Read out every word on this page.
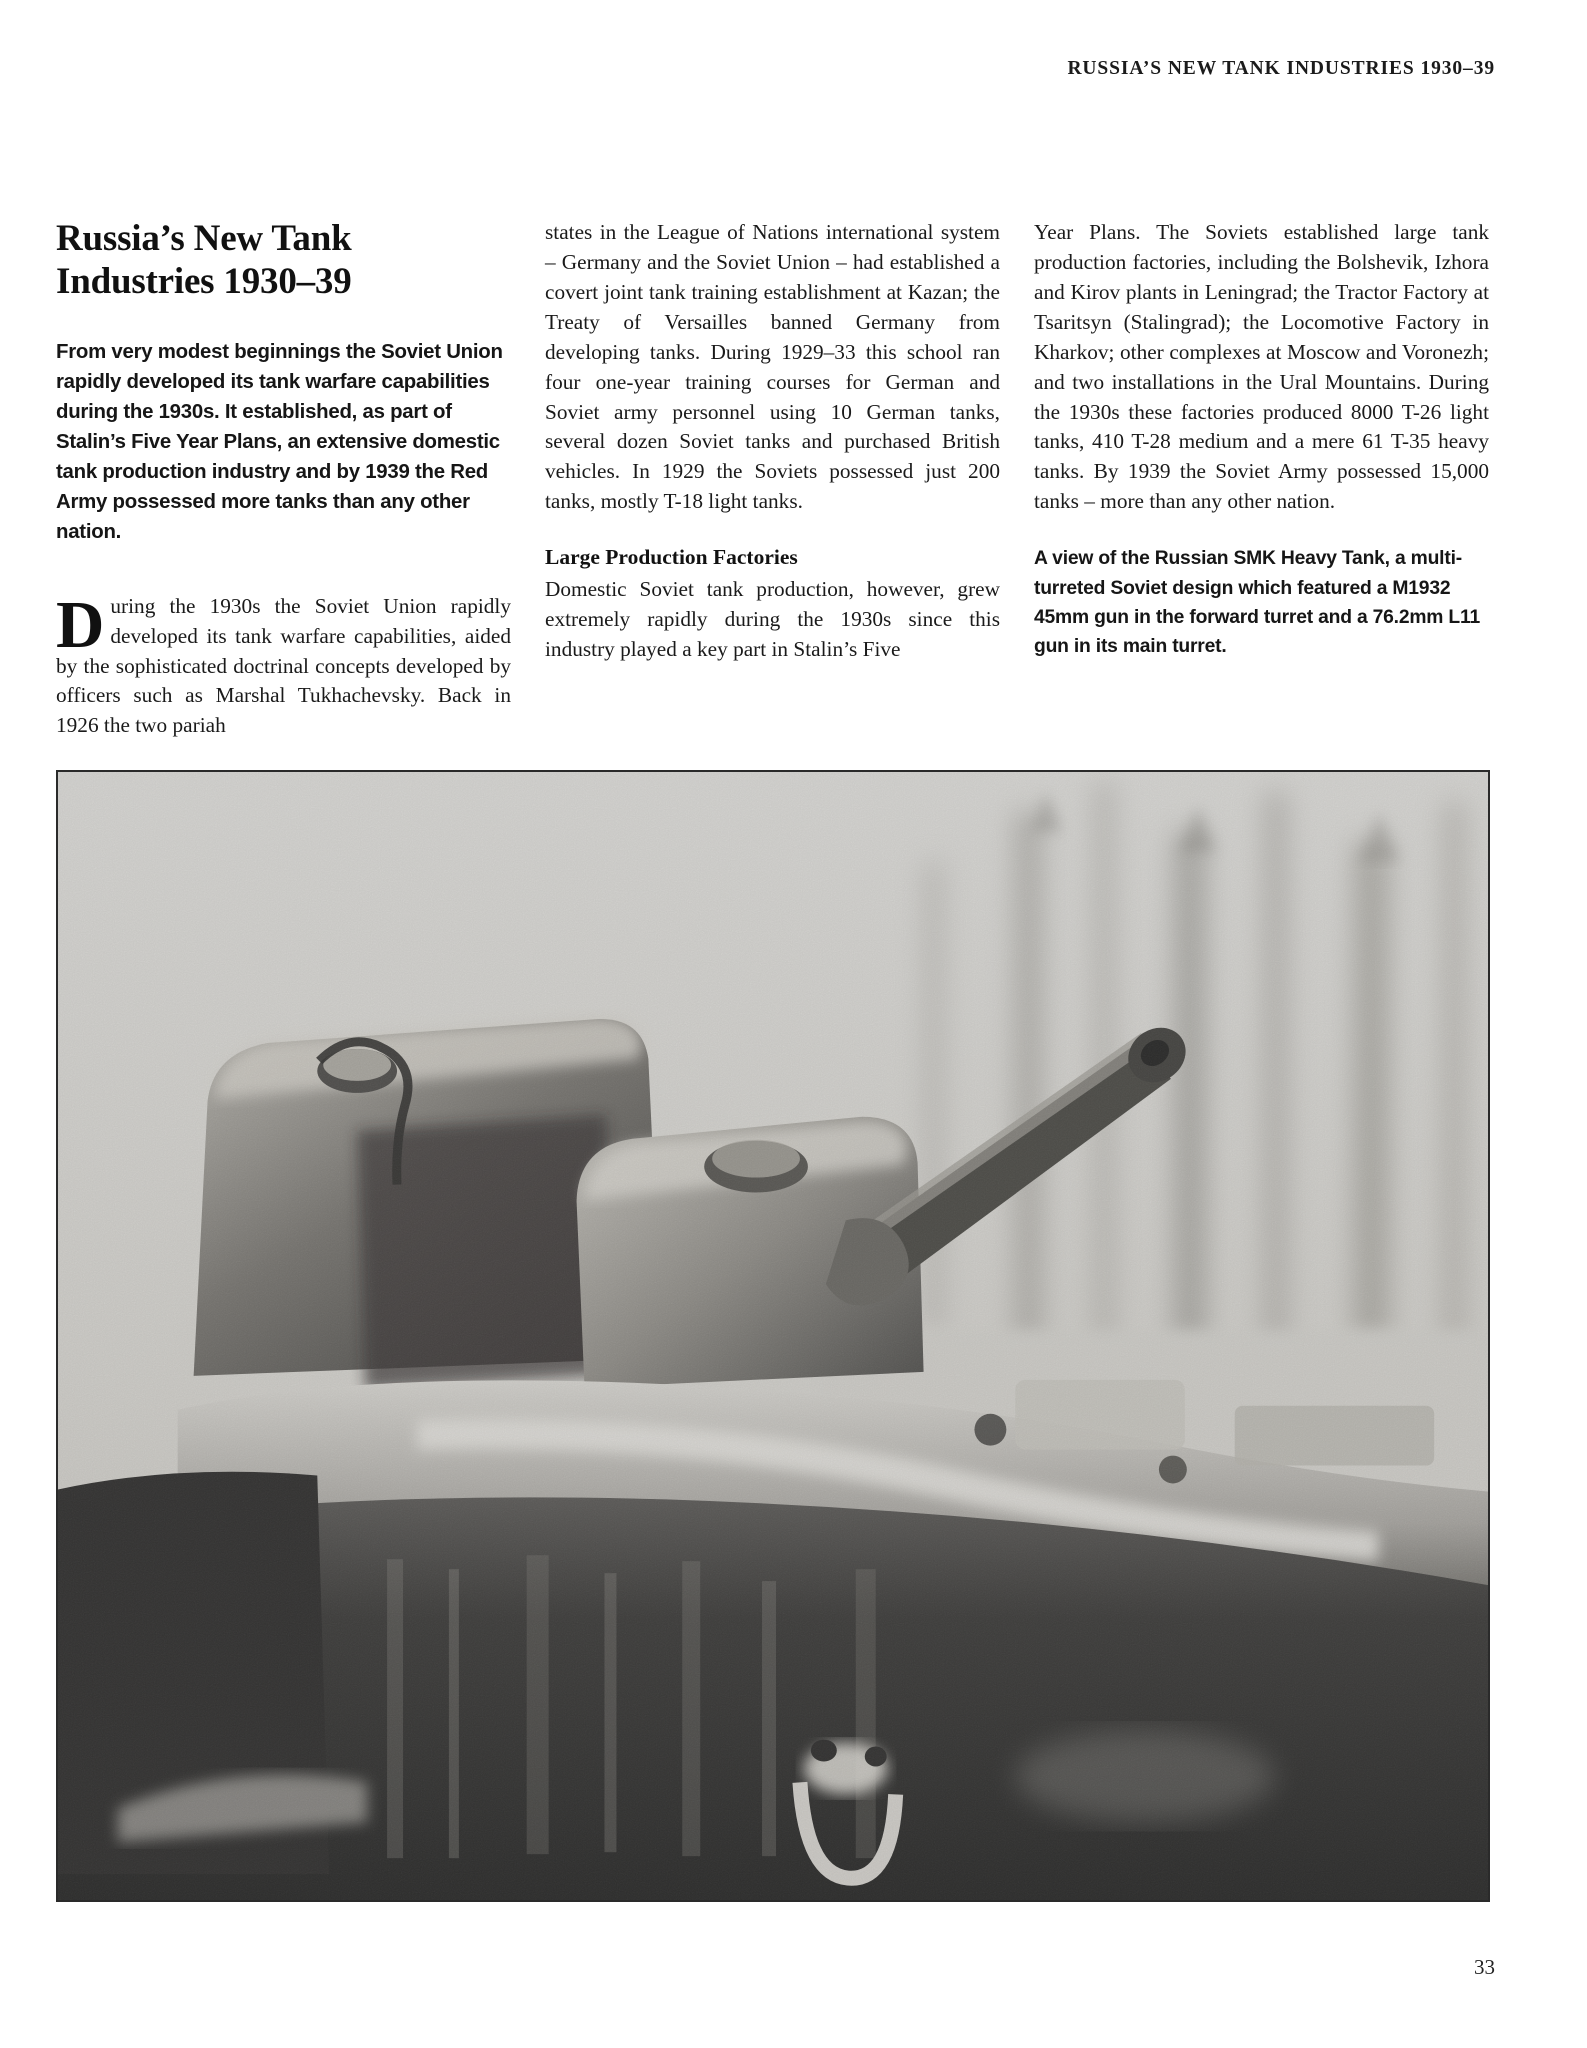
RUSSIA’S NEW TANK INDUSTRIES 1930–39
Russia’s New Tank Industries 1930–39

From very modest beginnings the Soviet Union rapidly developed its tank warfare capabilities during the 1930s. It established, as part of Stalin’s Five Year Plans, an extensive domestic tank production industry and by 1939 the Red Army possessed more tanks than any other nation.

During the 1930s the Soviet Union rapidly developed its tank warfare capabilities, aided by the sophisticated doctrinal concepts developed by officers such as Marshal Tukhachevsky. Back in 1926 the two pariah

states in the League of Nations international system – Germany and the Soviet Union – had established a covert joint tank training establishment at Kazan; the Treaty of Versailles banned Germany from developing tanks. During 1929–33 this school ran four one-year training courses for German and Soviet army personnel using 10 German tanks, several dozen Soviet tanks and purchased British vehicles. In 1929 the Soviets possessed just 200 tanks, mostly T-18 light tanks.

Large Production Factories

Domestic Soviet tank production, however, grew extremely rapidly during the 1930s since this industry played a key part in Stalin’s Five

Year Plans. The Soviets established large tank production factories, including the Bolshevik, Izhora and Kirov plants in Leningrad; the Tractor Factory at Tsaritsyn (Stalingrad); the Locomotive Factory in Kharkov; other complexes at Moscow and Voronezh; and two installations in the Ural Mountains. During the 1930s these factories produced 8000 T-26 light tanks, 410 T-28 medium and a mere 61 T-35 heavy tanks. By 1939 the Soviet Army possessed 15,000 tanks – more than any other nation.

A view of the Russian SMK Heavy Tank, a multi-turreted Soviet design which featured a M1932 45mm gun in the forward turret and a 76.2mm L11 gun in its main turret.

33
